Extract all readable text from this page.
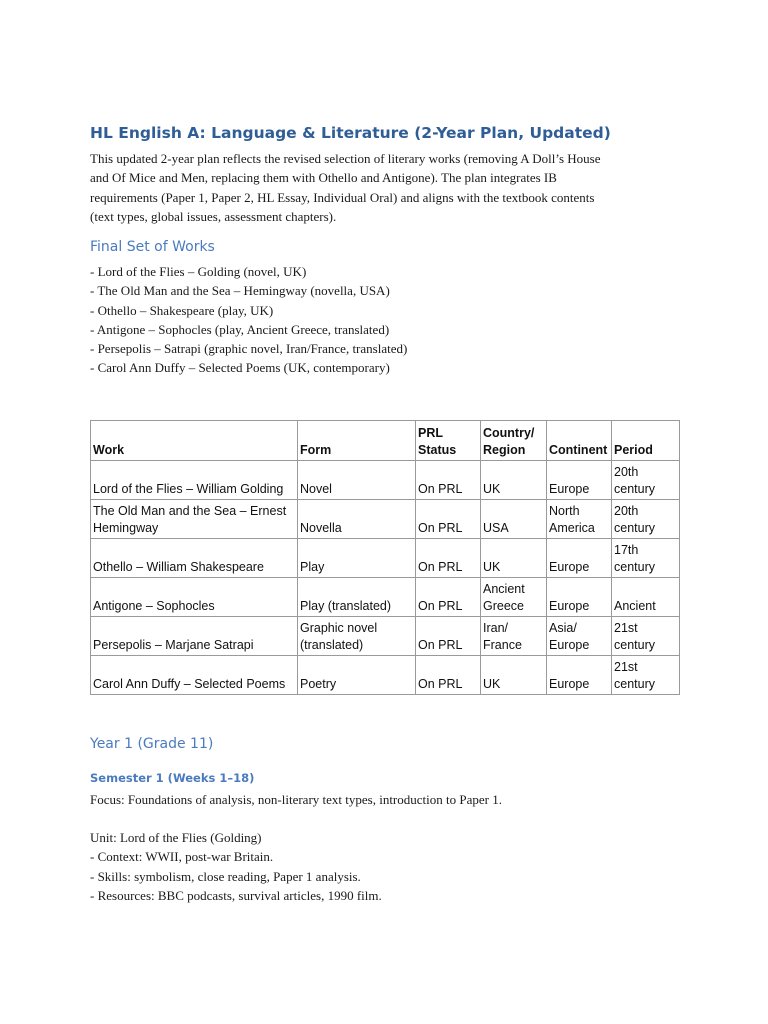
HL English A: Language & Literature (2-Year Plan, Updated)

This updated 2-year plan reflects the revised selection of literary works (removing A Doll’s House
and Of Mice and Men, replacing them with Othello and Antigone). The plan integrates IB
requirements (Paper 1, Paper 2, HL Essay, Individual Oral) and aligns with the textbook contents
(text types, global issues, assessment chapters).

Final Set of Works
- Lord of the Flies – Golding (novel, UK)
- The Old Man and the Sea – Hemingway (novella, USA)
- Othello – Shakespeare (play, UK)
- Antigone – Sophocles (play, Ancient Greece, translated)
- Persepolis – Satrapi (graphic novel, Iran/France, translated)
- Carol Ann Duffy – Selected Poems (UK, contemporary)
Work	Form	PRL Status	Country/ Region	Continent	Period
Lord of the Flies – William Golding	Novel	On PRL	UK	Europe	20th century
The Old Man and the Sea – Ernest Hemingway	Novella	On PRL	USA	North America	20th century
Othello – William Shakespeare	Play	On PRL	UK	Europe	17th century
Antigone – Sophocles	Play (translated)	On PRL	Ancient Greece	Europe	Ancient
Persepolis – Marjane Satrapi	Graphic novel (translated)	On PRL	Iran/ France	Asia/ Europe	21st century
Carol Ann Duffy – Selected Poems	Poetry	On PRL	UK	Europe	21st century
Year 1 (Grade 11)
Semester 1 (Weeks 1–18)

Focus: Foundations of analysis, non-literary text types, introduction to Paper 1.

Unit: Lord of the Flies (Golding)
- Context: WWII, post-war Britain.
- Skills: symbolism, close reading, Paper 1 analysis.
- Resources: BBC podcasts, survival articles, 1990 film.
